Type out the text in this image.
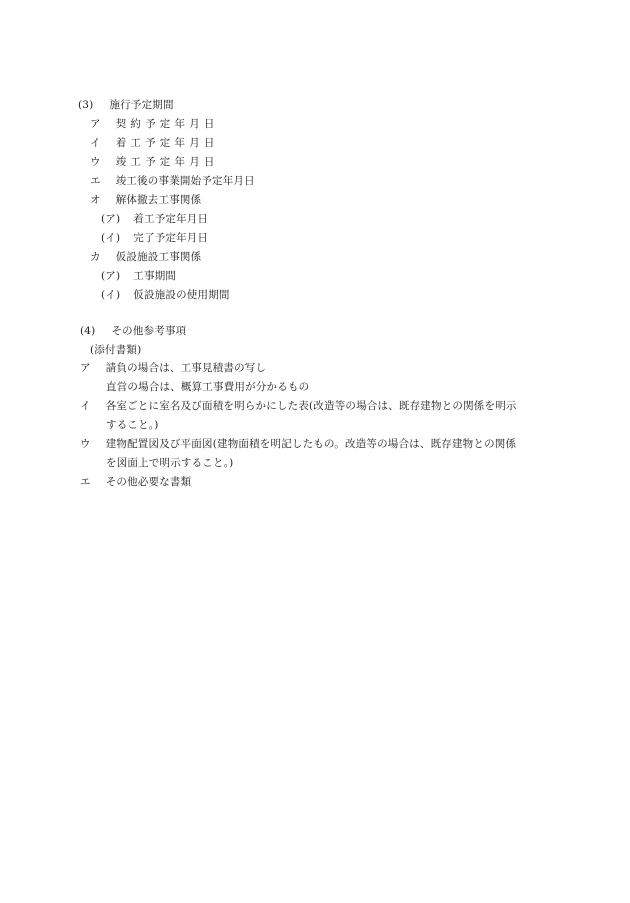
(3) 施行予定期間
ア 契約予定年月日
イ 着工予定年月日
ウ 竣工予定年月日
エ 竣工後の事業開始予定年月日
オ 解体撤去工事関係
(ア) 着工予定年月日
(イ) 完了予定年月日
カ 仮設施設工事関係
(ア) 工事期間
(イ) 仮設施設の使用期間
(4) その他参考事項
(添付書類)
ア 請負の場合は、工事見積書の写し
直営の場合は、概算工事費用が分かるもの
イ 各室ごとに室名及び面積を明らかにした表(改造等の場合は、既存建物との関係を明示
すること。)
ウ 建物配置図及び平面図(建物面積を明記したもの。改造等の場合は、既存建物との関係
を図面上で明示すること。)
エ その他必要な書類
